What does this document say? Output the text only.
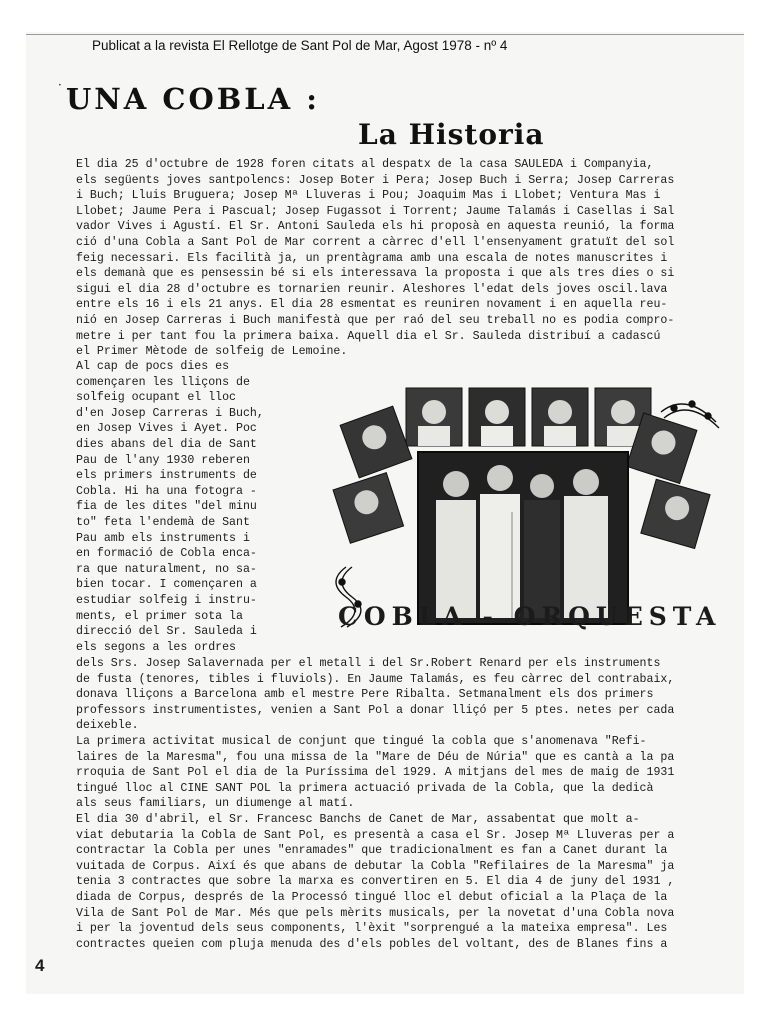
Publicat a la revista El Rellotge de Sant Pol de Mar, Agost 1978 - nº 4
· UNA COBLA :
La Historia
El dia 25 d'octubre de 1928 foren citats al despatx de la casa SAULEDA i Companyia,
els següents joves santpolencs: Josep Boter i Pera; Josep Buch i Serra; Josep Carreras
i Buch; Lluis Bruguera; Josep Mª Lluveras i Pou; Joaquim Mas i Llobet; Ventura Mas i
Llobet; Jaume Pera i Pascual; Josep Fugassot i Torrent; Jaume Talamás i Casellas i Sal
vador Vives i Agustí. El Sr. Antoni Sauleda els hi proposà en aquesta reunió, la forma
ció d'una Cobla a Sant Pol de Mar corrent a càrrec d'ell l'ensenyament gratuït del sol
feig necessari. Els facilità ja, un prentàgrama amb una escala de notes manuscrites i
els demanà que es pensessin bé si els interessava la proposta i que als tres dies o si
sigui el dia 28 d'octubre es tornarien reunir. Aleshores l'edat dels joves oscil.lava
entre els 16 i els 21 anys. El dia 28 esmentat es reuniren novament i en aquella reu-
nió en Josep Carreras i Buch manifestà que per raó del seu treball no es podia compro-
metre i per tant fou la primera baixa. Aquell dia el Sr. Sauleda distribuí a cadascú
el Primer Mètode de solfeig de Lemoine.
Al cap de pocs dies es
començaren les lliçons de
solfeig ocupant el lloc
d'en Josep Carreras i Buch,
en Josep Vives i Ayet. Poc
dies abans del dia de Sant
Pau de l'any 1930 reberen
els primers instruments de
Cobla. Hi ha una fotogra -
fia de les dites "del minu
to" feta l'endemà de Sant
Pau amb els instruments i
en formació de Cobla enca-
ra que naturalment, no sa-
bien tocar. I començaren a
estudiar solfeig i instru-
ments, el primer sota la
direcció del Sr. Sauleda i
els segons a les ordres
COBLA - ORQUESTA
dels Srs. Josep Salavernada per el metall i del Sr.Robert Renard per els instruments
de fusta (tenores, tibles i fluviols). En Jaume Talamás, es feu càrrec del contrabaix,
donava lliçons a Barcelona amb el mestre Pere Ribalta. Setmanalment els dos primers
professors instrumentistes, venien a Sant Pol a donar lliçó per 5 ptes. netes per cada
deixeble.
La primera activitat musical de conjunt que tingué la cobla que s'anomenava "Refi-
laires de la Maresma", fou una missa de la "Mare de Déu de Núria" que es cantà a la pa
rroquia de Sant Pol el dia de la Puríssima del 1929. A mitjans del mes de maig de 1931
tingué lloc al CINE SANT POL la primera actuació privada de la Cobla, que la dedicà
als seus familiars, un diumenge al matí.
El dia 30 d'abril, el Sr. Francesc Banchs de Canet de Mar, assabentat que molt a-
viat debutaria la Cobla de Sant Pol, es presentà a casa el Sr. Josep Mª Lluveras per a
contractar la Cobla per unes "enramades" que tradicionalment es fan a Canet durant la
vuitada de Corpus. Així és que abans de debutar la Cobla "Refilaires de la Maresma" ja
tenia 3 contractes que sobre la marxa es convertiren en 5. El dia 4 de juny del 1931 ,
diada de Corpus, després de la Processó tingué lloc el debut oficial a la Plaça de la
Vila de Sant Pol de Mar. Més que pels mèrits musicals, per la novetat d'una Cobla nova
i per la joventud dels seus components, l'èxit "sorprengué a la mateixa empresa". Les
contractes queien com pluja menuda des d'els pobles del voltant, des de Blanes fins a
4
